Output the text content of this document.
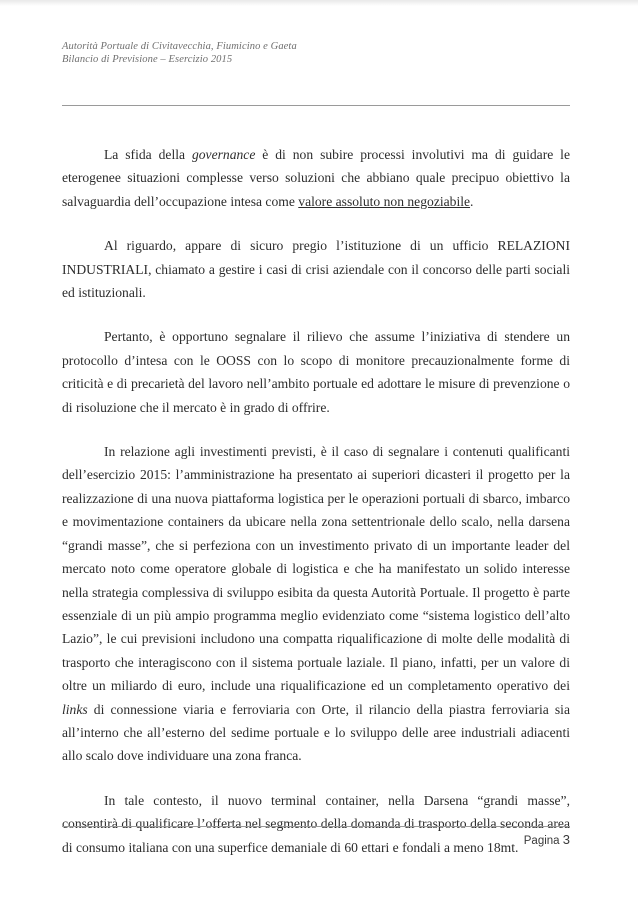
Autorità Portuale di Civitavecchia, Fiumicino e Gaeta
Bilancio di Previsione – Esercizio 2015

La sfida della governance è di non subire processi involutivi ma di guidare le eterogenee situazioni complesse verso soluzioni che abbiano quale precipuo obiettivo la salvaguardia dell’occupazione intesa come valore assoluto non negoziabile.

Al riguardo, appare di sicuro pregio l’istituzione di un ufficio RELAZIONI INDUSTRIALI, chiamato a gestire i casi di crisi aziendale con il concorso delle parti sociali ed istituzionali.

Pertanto, è opportuno segnalare il rilievo che assume l’iniziativa di stendere un protocollo d’intesa con le OOSS con lo scopo di monitore precauzionalmente forme di criticità e di precarietà del lavoro nell’ambito portuale ed adottare le misure di prevenzione o di risoluzione che il mercato è in grado di offrire.

In relazione agli investimenti previsti, è il caso di segnalare i contenuti qualificanti dell’esercizio 2015: l’amministrazione ha presentato ai superiori dicasteri il progetto per la realizzazione di una nuova piattaforma logistica per le operazioni portuali di sbarco, imbarco e movimentazione containers da ubicare nella zona settentrionale dello scalo, nella darsena “grandi masse”, che si perfeziona con un investimento privato di un importante leader del mercato noto come operatore globale di logistica e che ha manifestato un solido interesse nella strategia complessiva di sviluppo esibita da questa Autorità Portuale. Il progetto è parte essenziale di un più ampio programma meglio evidenziato come “sistema logistico dell’alto Lazio”, le cui previsioni includono una compatta riqualificazione di molte delle modalità di trasporto che interagiscono con il sistema portuale laziale. Il piano, infatti, per un valore di oltre un miliardo di euro, include una riqualificazione ed un completamento operativo dei links di connessione viaria e ferroviaria con Orte, il rilancio della piastra ferroviaria sia all’interno che all’esterno del sedime portuale e lo sviluppo delle aree industriali adiacenti allo scalo dove individuare una zona franca.

In tale contesto, il nuovo terminal container, nella Darsena “grandi masse”, consentirà di qualificare l’offerta nel segmento della domanda di trasporto della seconda area di consumo italiana con una superfice demaniale di 60 ettari e fondali a meno 18mt. Pagina 3
